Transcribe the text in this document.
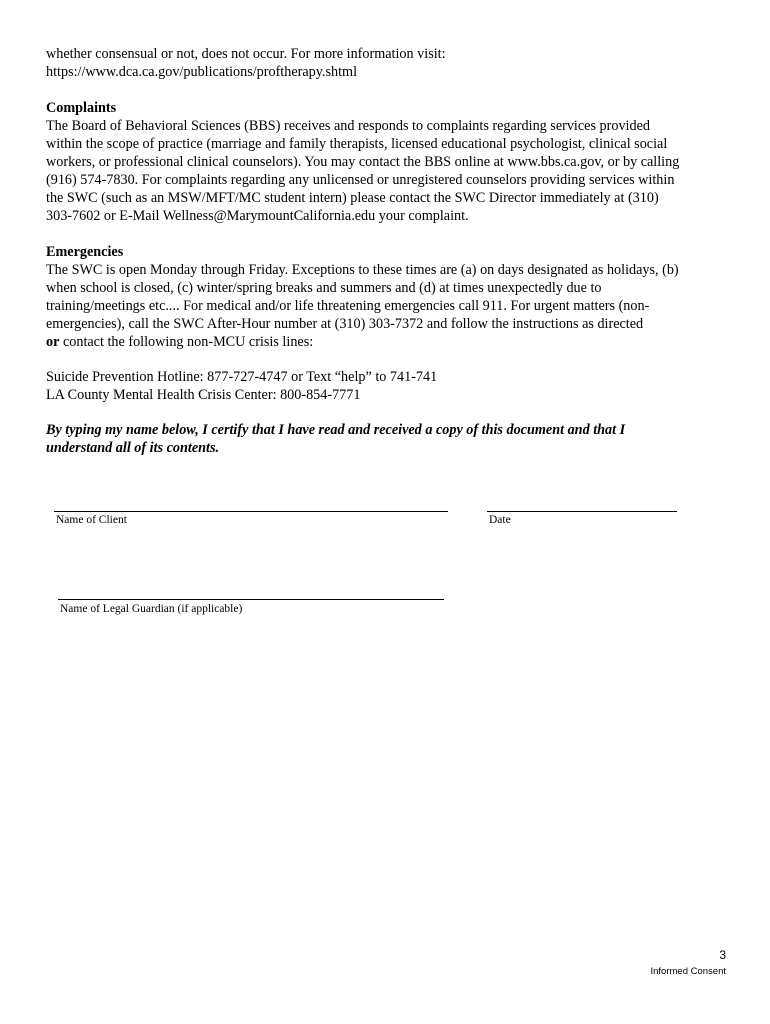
whether consensual or not, does not occur. For more information visit:
https://www.dca.ca.gov/publications/proftherapy.shtml
Complaints
The Board of Behavioral Sciences (BBS) receives and responds to complaints regarding services provided
within the scope of practice (marriage and family therapists, licensed educational psychologist, clinical social
workers, or professional clinical counselors). You may contact the BBS online at www.bbs.ca.gov, or by calling
(916) 574-7830. For complaints regarding any unlicensed or unregistered counselors providing services within
the SWC (such as an MSW/MFT/MC student intern) please contact the SWC Director immediately at (310)
303-7602 or E-Mail Wellness@MarymountCalifornia.edu your complaint.
Emergencies
The SWC is open Monday through Friday. Exceptions to these times are (a) on days designated as holidays, (b)
when school is closed, (c) winter/spring breaks and summers and (d) at times unexpectedly due to
training/meetings etc.... For medical and/or life threatening emergencies call 911. For urgent matters (non-
emergencies), call the SWC After-Hour number at (310) 303-7372 and follow the instructions as directed
or contact the following non-MCU crisis lines:
Suicide Prevention Hotline: 877-727-4747 or Text “help” to 741-741
LA County Mental Health Crisis Center: 800-854-7771
By typing my name below, I certify that I have read and received a copy of this document and that I
understand all of its contents.
Name of Client	Date
Name of Legal Guardian (if applicable)
3
Informed Consent
